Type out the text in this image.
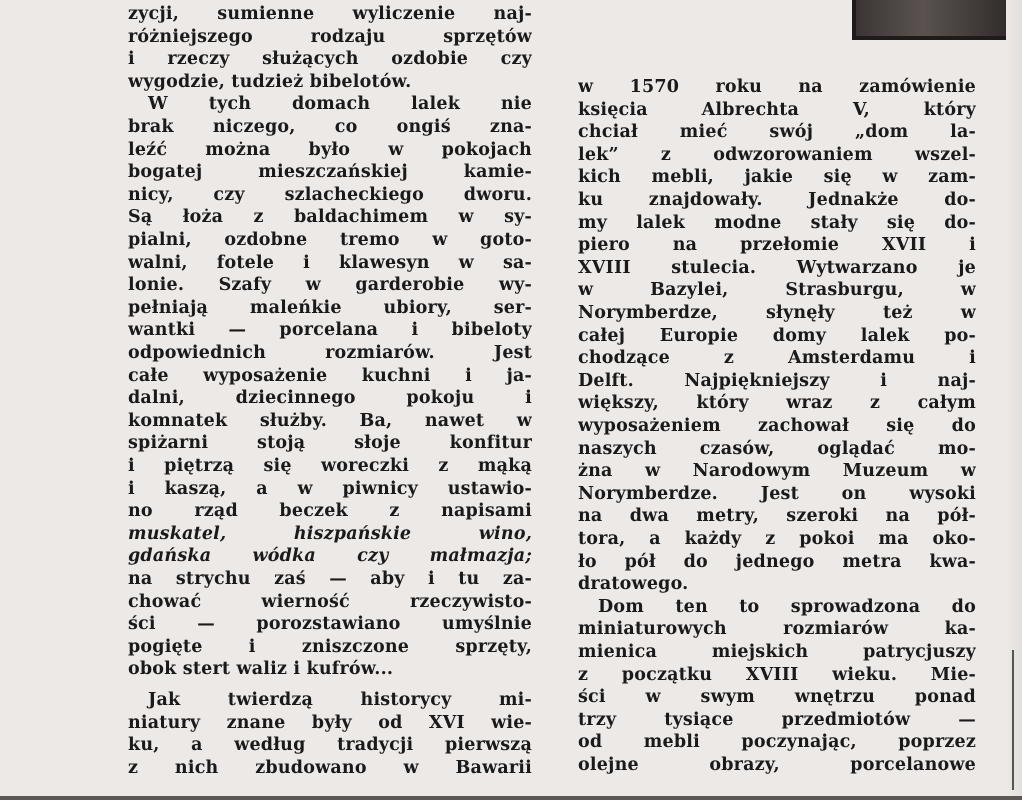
zycji, sumienne wyliczenie naj-
różniejszego rodzaju sprzętów
i rzeczy służących ozdobie czy
wygodzie, tudzież bibelotów.
W tych domach lalek nie
brak niczego, co ongiś zna-
leźć można było w pokojach
bogatej mieszczańskiej kamie-
nicy, czy szlacheckiego dworu.
Są łoża z baldachimem w sy-
pialni, ozdobne tremo w goto-
walni, fotele i klawesyn w sa-
lonie. Szafy w garderobie wy-
pełniają maleńkie ubiory, ser-
wantki — porcelana i bibeloty
odpowiednich rozmiarów. Jest
całe wyposażenie kuchni i ja-
dalni, dziecinnego pokoju i
komnatek służby. Ba, nawet w
spiżarni stoją słoje konfitur
i piętrzą się woreczki z mąką
i kaszą, a w piwnicy ustawio-
no rząd beczek z napisami
muskatel, hiszpańskie wino,
gdańska wódka czy małmazja;
na strychu zaś — aby i tu za-
chować wierność rzeczywisto-
ści — porozstawiano umyślnie
pogięte i zniszczone sprzęty,
obok stert waliz i kufrów...
Jak twierdzą historycy mi-
niatury znane były od XVI wie-
ku, a według tradycji pierwszą
z nich zbudowano w Bawarii
w 1570 roku na zamówienie
księcia Albrechta V, który
chciał mieć swój „dom la-
lek” z odwzorowaniem wszel-
kich mebli, jakie się w zam-
ku znajdowały. Jednakże do-
my lalek modne stały się do-
piero na przełomie XVII i
XVIII stulecia. Wytwarzano je
w Bazylei, Strasburgu, w
Norymberdze, słynęły też w
całej Europie domy lalek po-
chodzące z Amsterdamu i
Delft. Najpiękniejszy i naj-
większy, który wraz z całym
wyposażeniem zachował się do
naszych czasów, oglądać mo-
żna w Narodowym Muzeum w
Norymberdze. Jest on wysoki
na dwa metry, szeroki na pół-
tora, a każdy z pokoi ma oko-
ło pół do jednego metra kwa-
dratowego.
Dom ten to sprowadzona do
miniaturowych rozmiarów ka-
mienica miejskich patrycjuszy
z początku XVIII wieku. Mie-
ści w swym wnętrzu ponad
trzy tysiące przedmiotów —
od mebli poczynając, poprzez
olejne obrazy, porcelanowe
